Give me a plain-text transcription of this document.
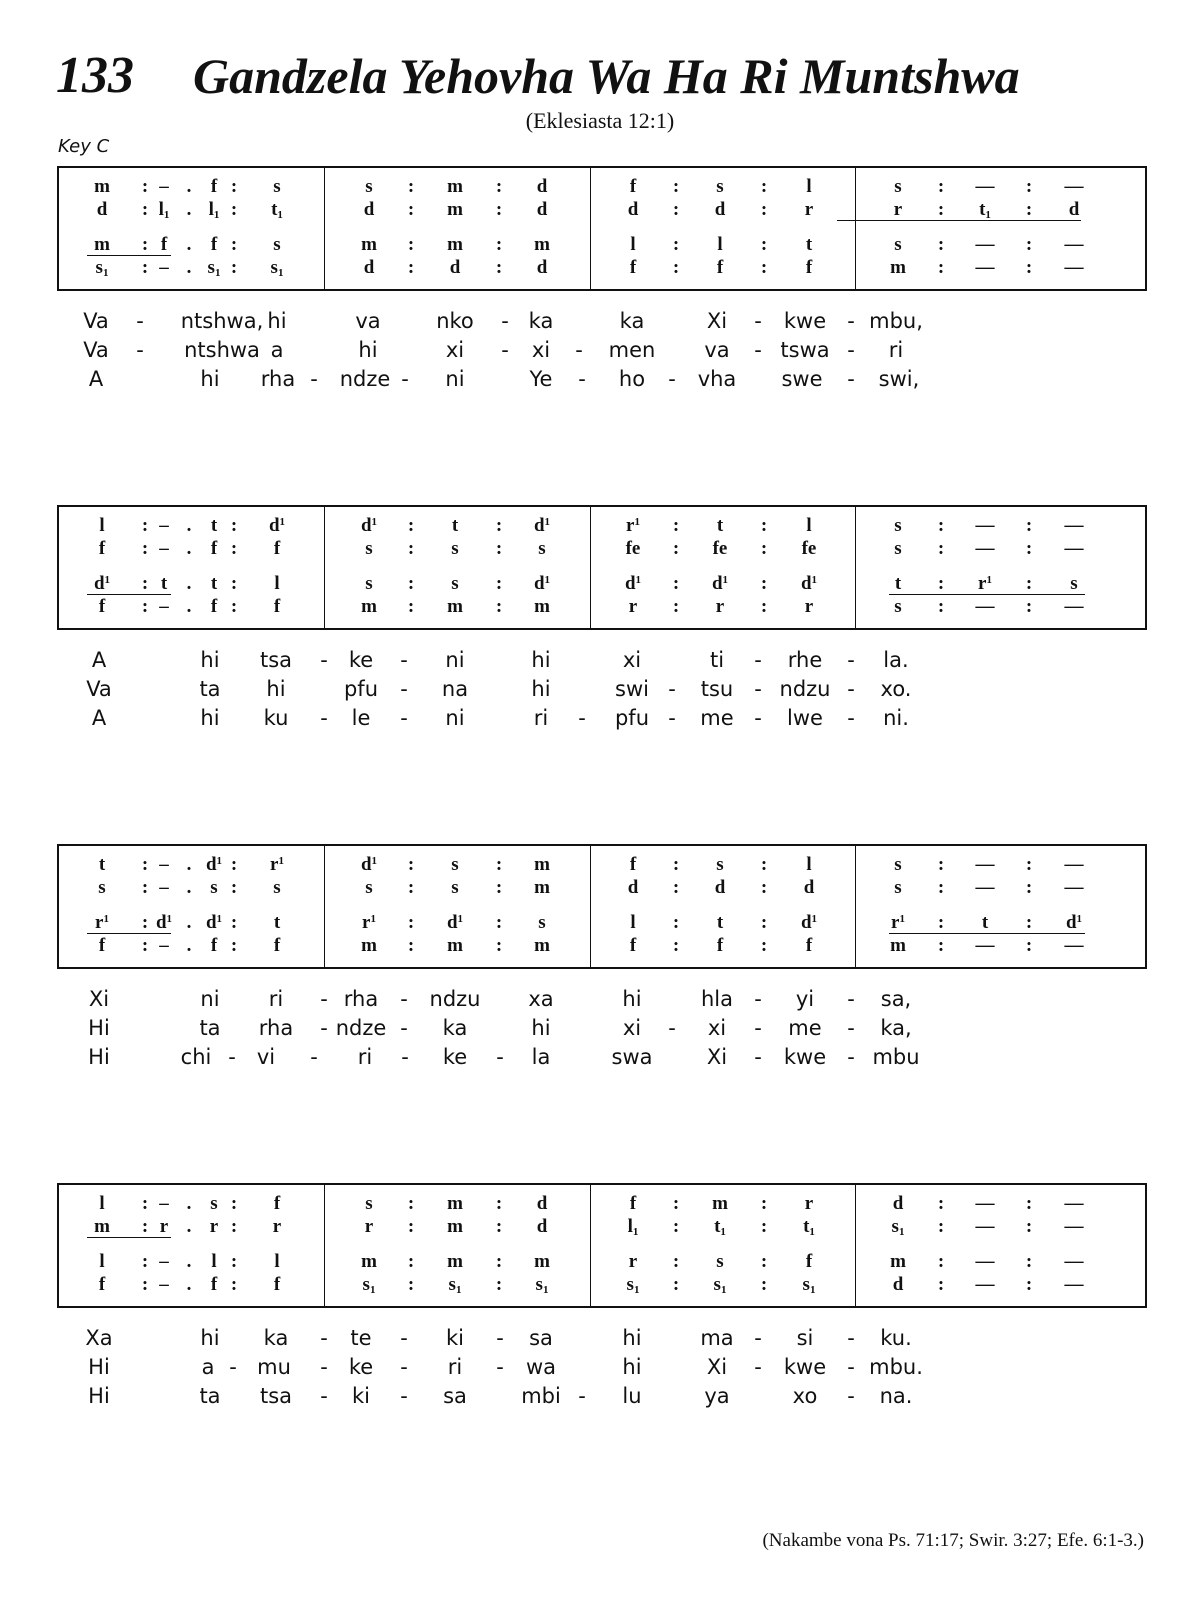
133 Gandzela Yehovha Wa Ha Ri Muntshwa
(Eklesiasta 12:1)
Key C
m	: – .	f :	s	s	:	m	:	d	f	:	s	:	l	s	:	—	:	—
d	: $l_1$ . $l_1$ :	$t_1$	d	:	m	:	d	d	:	d	:	r	r	:	$t_1$	:	d
m	: f	.	f :	s	m	:	m	:	m	l	:	l	:	t	s	:	—	:	—
$s_1$	: – . $s_1$ :	$s_1$	d	:	d	:	d	f	:	f	:	f	m	:	—	:	—
Va - ntshwa, hi	va	nko - ka	ka	Xi - kwe - mbu,
Va - ntshwa a	hi	xi - xi - men va - tswa - ri
A	hi rha - ndze - ni	Ye - ho - vha swe - swi,
l	: – .	t :	$d^1$	$d^1$	:	t	:	$d^1$	$r^1$	:	t	:	l	s	:	—	:	—
f	: – .	f :	f	s	:	s	:	s	fe	:	fe	:	fe	s	:	—	:	—
$d^1$	: t	.	t :	l	s	:	s	:	$d^1$	$d^1$	:	$d^1$	:	$d^1$	t	:	$r^1$	:	s
f	: – .	f :	f	m	:	m	:	m	r	:	r	:	r	s	:	—	:	—
A	hi tsa - ke - ni	hi	xi	ti - rhe - la.
Va	ta hi	pfu - na	hi	swi - tsu - ndzu - xo.
A	hi ku - le - ni	ri - pfu - me - lwe - ni.
t	: – . $d^1$ :	$r^1$	$d^1$	:	s	:	m	f	:	s	:	l	s	:	—	:	—
s	: – . s :	s	s	:	s	:	m	d	:	d	:	d	s	:	—	:	—
$r^1$	: $d^1$ . $d^1$ :	t	$r^1$	:	$d^1$	:	s	l	:	t	:	$d^1$	$r^1$	:	t	:	$d^1$
f	: – .	f :	f	m	:	m	:	m	f	:	f	:	f	m	:	—	:	—
Xi	ni ri - rha - ndzu xa	hi	hla - yi - sa,
Hi	ta rha - ndze - ka	hi	xi - xi - me - ka,
Hi	chi - vi - ri - ke - la	swa	Xi - kwe - mbu
l	: – . s :	f	s	:	m	:	d	f	:	m	:	r	d	:	—	:	—
m	: r . r :	r	r	:	m	:	d	$l_1$	:	$t_1$	:	$t_1$	$s_1$	:	—	:	—
l	: – .	l :	l	m	:	m	:	m	r	:	s	:	f	m	:	—	:	—
f	: – .	f :	f	$s_1$	:	$s_1$	:	$s_1$	$s_1$	:	$s_1$	:	$s_1$	d	:	—	:	—
Xa	hi ka - te - ki - sa	hi	ma - si - ku.
Hi	a - mu - ke - ri - wa	hi	Xi - kwe - mbu.
Hi	ta tsa - ki - sa	mbi - lu	ya	xo - na.
(Nakambe vona Ps. 71:17; Swir. 3:27; Efe. 6:1-3.)
